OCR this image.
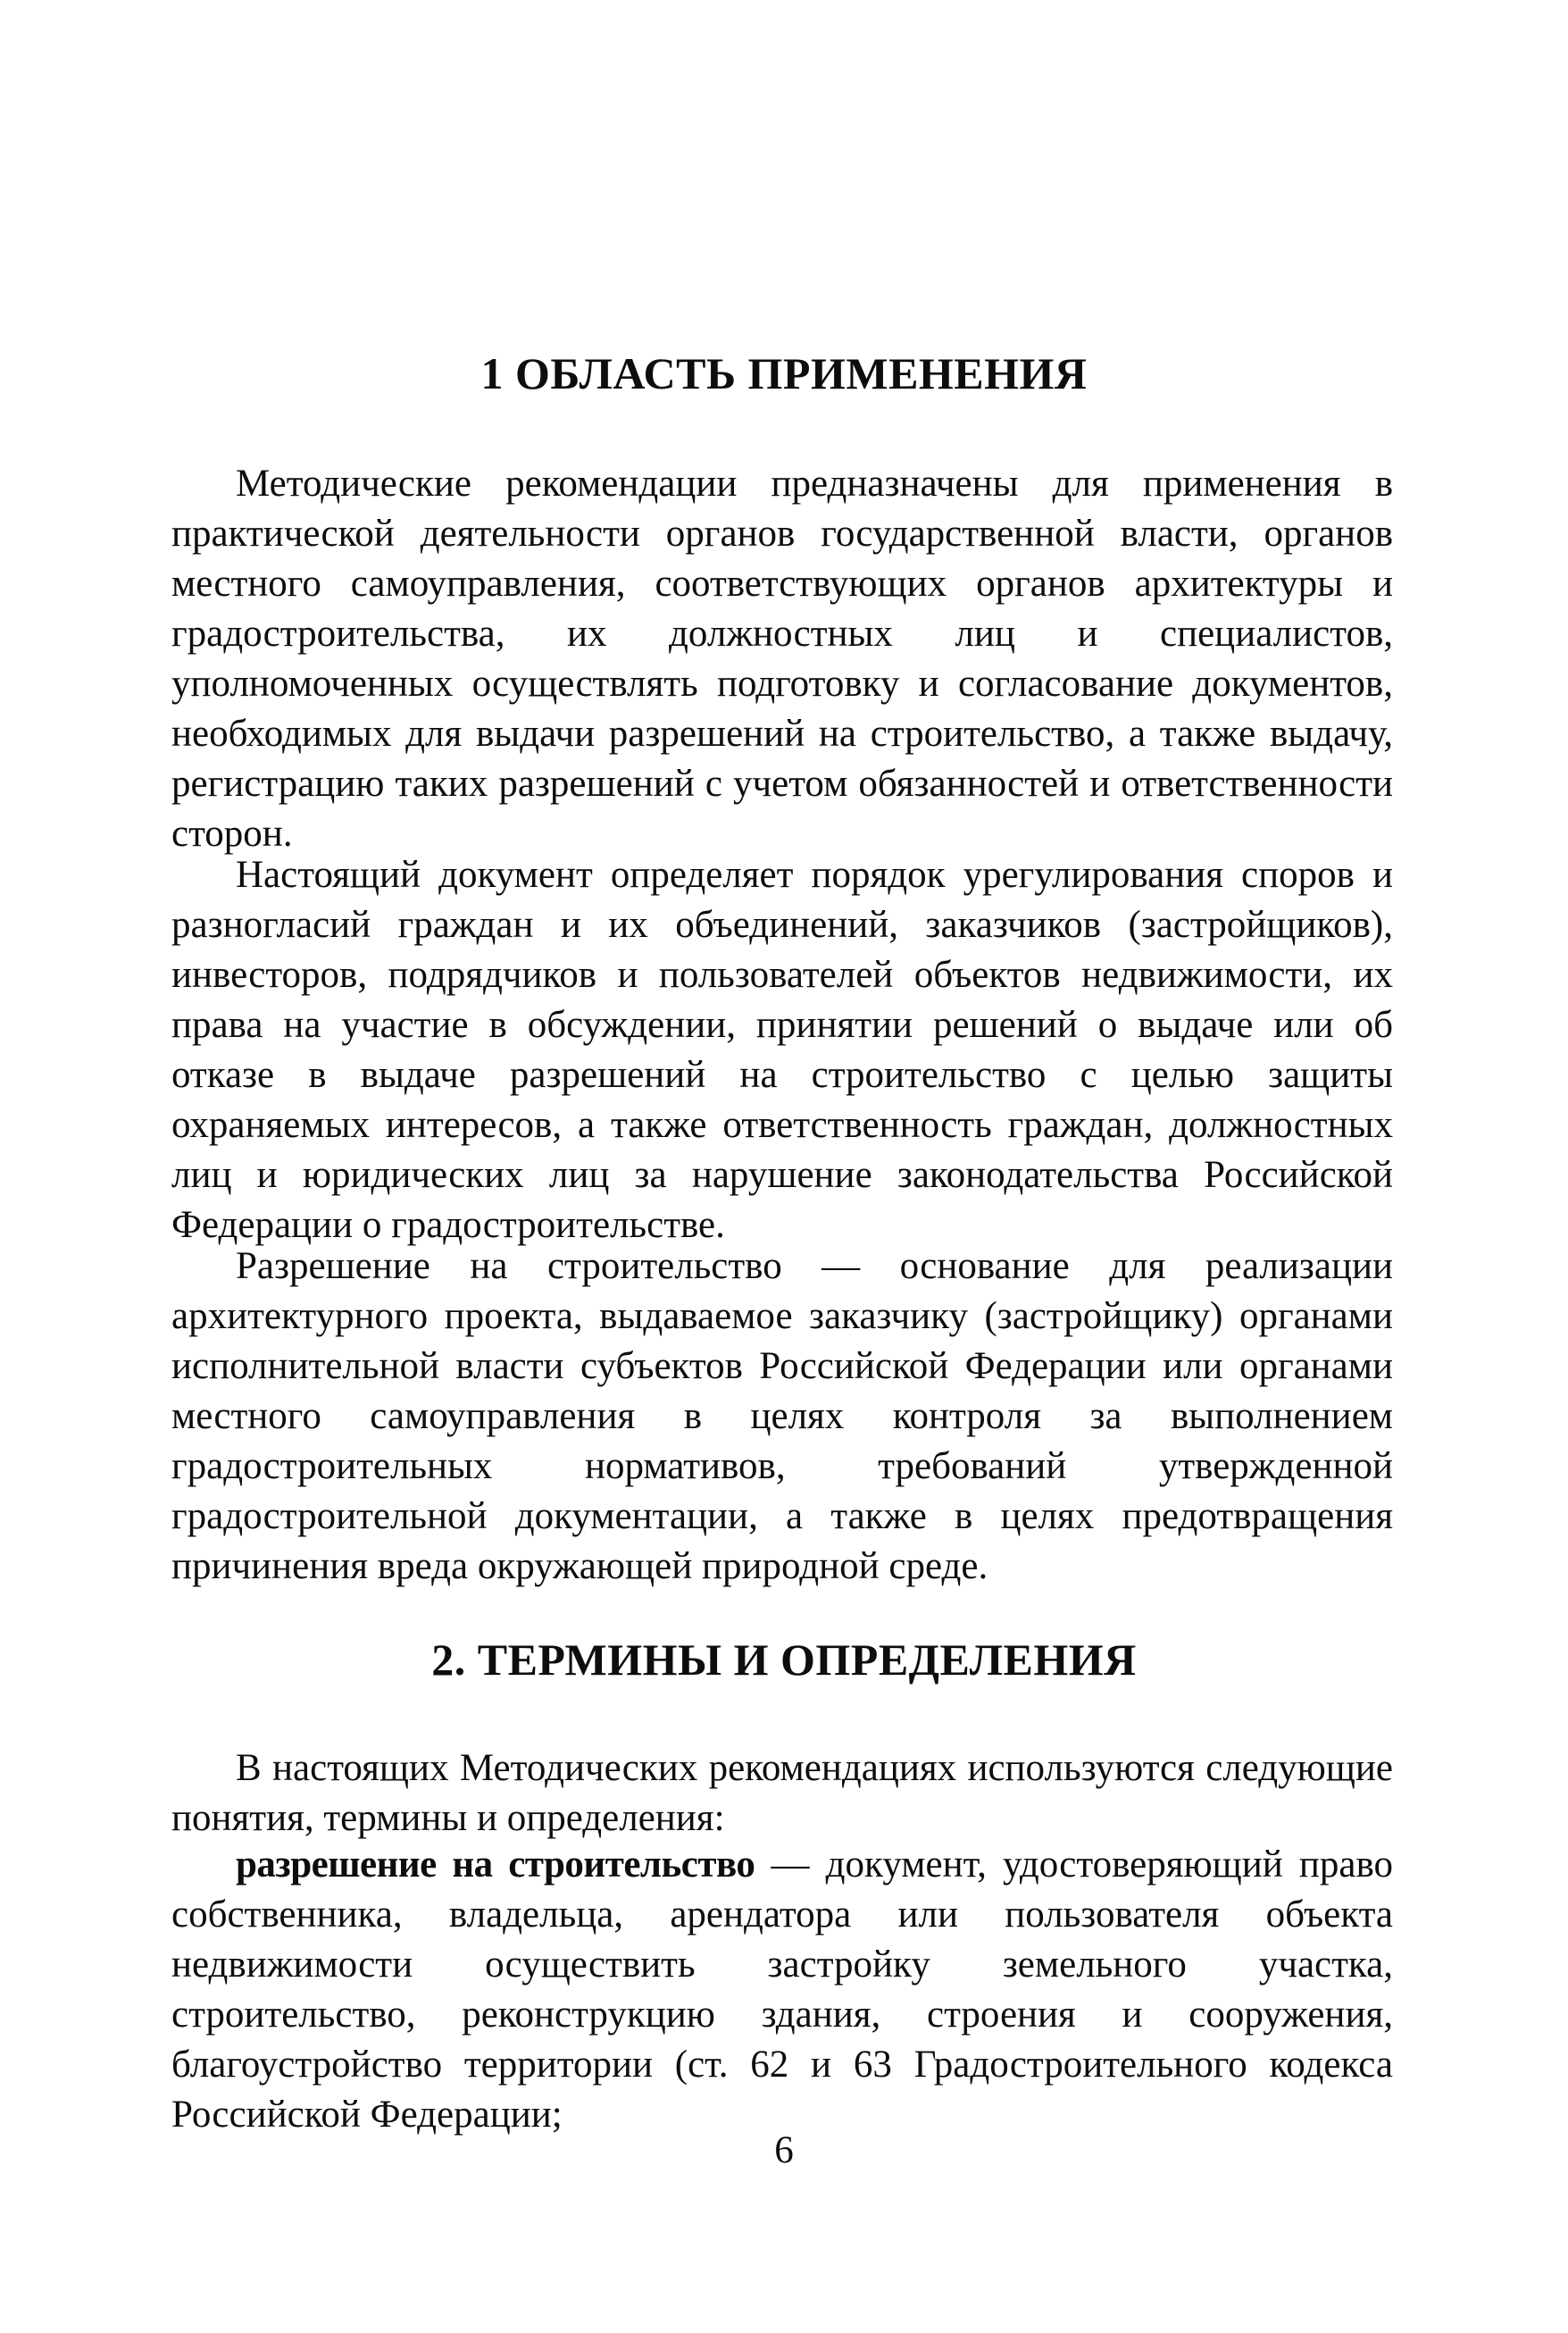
1 ОБЛАСТЬ ПРИМЕНЕНИЯ

Методические рекомендации предназначены для применения в практической деятельности органов государственной власти, органов местного самоуправления, соответствующих органов архитектуры и градостроительства, их должностных лиц и специалистов, уполномоченных осуществлять подготовку и согласование документов, необходимых для выдачи разрешений на строительство, а также выдачу, регистрацию таких разрешений с учетом обязанностей и ответственности сторон.

Настоящий документ определяет порядок урегулирования споров и разногласий граждан и их объединений, заказчиков (застройщиков), инвесторов, подрядчиков и пользователей объектов недвижимости, их права на участие в обсуждении, принятии решений о выдаче или об отказе в выдаче разрешений на строительство с целью защиты охраняемых интересов, а также ответственность граждан, должностных лиц и юридических лиц за нарушение законодательства Российской Федерации о градостроительстве.

Разрешение на строительство — основание для реализации архитектурного проекта, выдаваемое заказчику (застройщику) органами исполнительной власти субъектов Российской Федерации или органами местного самоуправления в целях контроля за выполнением градостроительных нормативов, требований утвержденной градостроительной документации, а также в целях предотвращения причинения вреда окружающей природной среде.

2. ТЕРМИНЫ И ОПРЕДЕЛЕНИЯ

В настоящих Методических рекомендациях используются следующие понятия, термины и определения:

разрешение на строительство — документ, удостоверяющий право собственника, владельца, арендатора или пользователя объекта недвижимости осуществить застройку земельного участка, строительство, реконструкцию здания, строения и сооружения, благоустройство территории (ст. 62 и 63 Градостроительного кодекса Российской Федерации;

6
